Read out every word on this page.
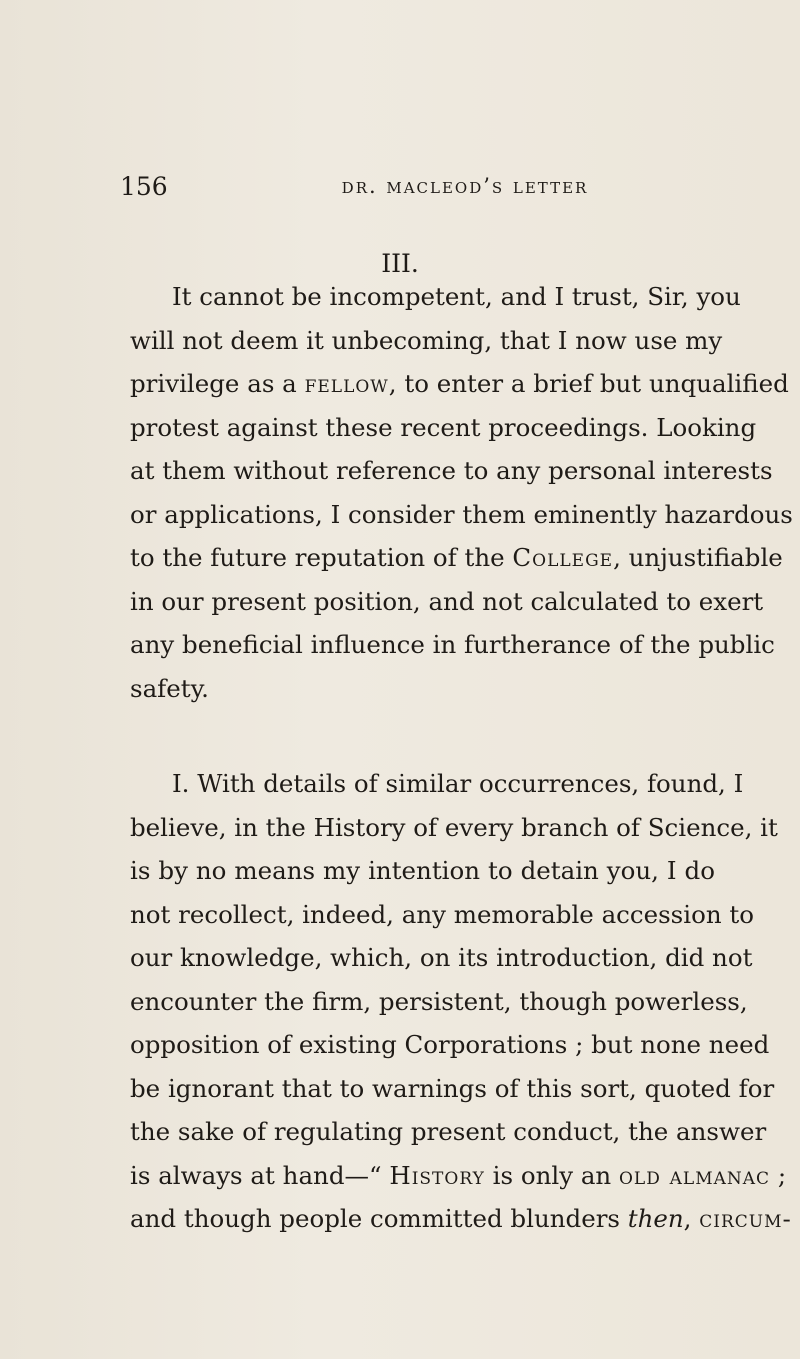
156	dr. macleod’s letter
III.
It cannot be incompetent, and I trust, Sir, you
will not deem it unbecoming, that I now use my
privilege as a fellow, to enter a brief but unqualified
protest against these recent proceedings. Looking
at them without reference to any personal interests
or applications, I consider them eminently hazardous
to the future reputation of the College, unjustifiable
in our present position, and not calculated to exert
any beneficial influence in furtherance of the public
safety.
I. With details of similar occurrences, found, I
believe, in the History of every branch of Science, it
is by no means my intention to detain you, I do
not recollect, indeed, any memorable accession to
our knowledge, which, on its introduction, did not
encounter the firm, persistent, though powerless,
opposition of existing Corporations ; but none need
be ignorant that to warnings of this sort, quoted for
the sake of regulating present conduct, the answer
is always at hand—“ History is only an old almanac ;
and though people committed blunders then, circum-
